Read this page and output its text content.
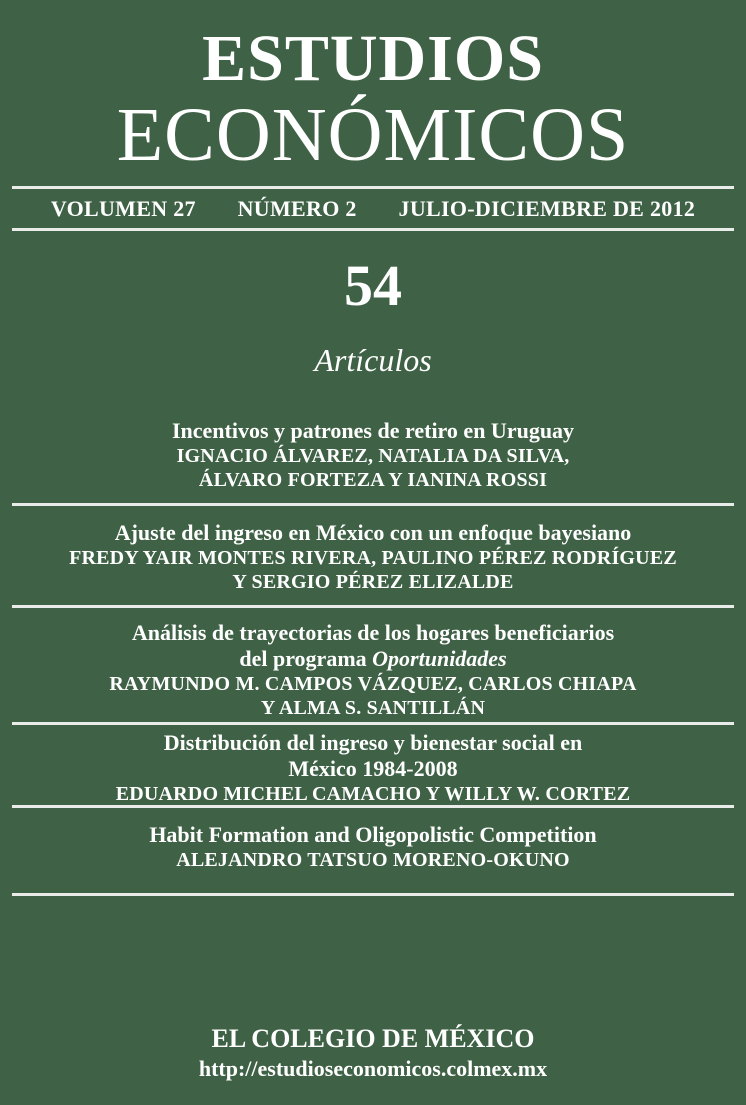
ESTUDIOS
ECONÓMICOS
VOLUMEN 27 NÚMERO 2 JULIO-DICIEMBRE DE 2012
54
Artículos
Incentivos y patrones de retiro en Uruguay
IGNACIO ÁLVAREZ, NATALIA DA SILVA,
ÁLVARO FORTEZA Y IANINA ROSSI
Ajuste del ingreso en México con un enfoque bayesiano
FREDY YAIR MONTES RIVERA, PAULINO PÉREZ RODRÍGUEZ
Y SERGIO PÉREZ ELIZALDE
Análisis de trayectorias de los hogares beneficiarios
del programa Oportunidades
RAYMUNDO M. CAMPOS VÁZQUEZ, CARLOS CHIAPA
Y ALMA S. SANTILLÁN
Distribución del ingreso y bienestar social en
México 1984-2008
EDUARDO MICHEL CAMACHO Y WILLY W. CORTEZ
Habit Formation and Oligopolistic Competition
ALEJANDRO TATSUO MORENO-OKUNO
EL COLEGIO DE MÉXICO
http://estudioseconomicos.colmex.mx
